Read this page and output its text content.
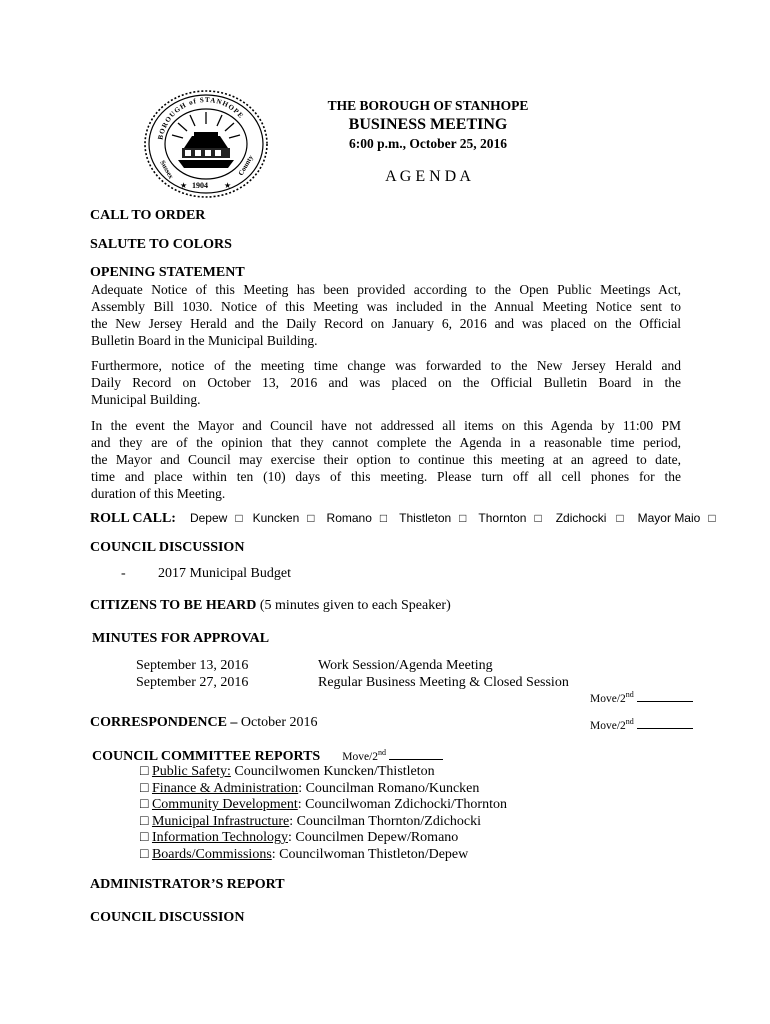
BOROUGH of STANHOPE
Sussex	County
1904
★	★
THE BOROUGH OF STANHOPE
BUSINESS MEETING
6:00 p.m., October 25, 2016
A G E N D A
CALL TO ORDER
SALUTE TO COLORS
OPENING STATEMENT
Adequate Notice of this Meeting has been provided according to the Open Public Meetings Act,
Assembly Bill 1030. Notice of this Meeting was included in the Annual Meeting Notice sent to
the New Jersey Herald and the Daily Record on January 6, 2016 and was placed on the Official
Bulletin Board in the Municipal Building.
Furthermore, notice of the meeting time change was forwarded to the New Jersey Herald and
Daily Record on October 13, 2016 and was placed on the Official Bulletin Board in the
Municipal Building.
In the event the Mayor and Council have not addressed all items on this Agenda by 11:00 PM
and they are of the opinion that they cannot complete the Agenda in a reasonable time period,
the Mayor and Council may exercise their option to continue this meeting at an agreed to date,
time and place within ten (10) days of this meeting. Please turn off all cell phones for the
duration of this Meeting.
ROLL CALL: Depew □ Kuncken □ Romano □ Thistleton □ Thornton □ Zdichocki □ Mayor Maio □
COUNCIL DISCUSSION
- 2017 Municipal Budget
CITIZENS TO BE HEARD (5 minutes given to each Speaker)
MINUTES FOR APPROVAL
September 13, 2016	Work Session/Agenda Meeting
September 27, 2016	Regular Business Meeting & Closed Session
Move/2nd
CORRESPONDENCE – October 2016	Move/2nd
COUNCIL COMMITTEE REPORTS Move/2nd
□ Public Safety: Councilwomen Kuncken/Thistleton
□ Finance & Administration: Councilman Romano/Kuncken
□ Community Development: Councilwoman Zdichocki/Thornton
□ Municipal Infrastructure: Councilman Thornton/Zdichocki
□ Information Technology: Councilmen Depew/Romano
□ Boards/Commissions: Councilwoman Thistleton/Depew
ADMINISTRATOR’S REPORT
COUNCIL DISCUSSION
